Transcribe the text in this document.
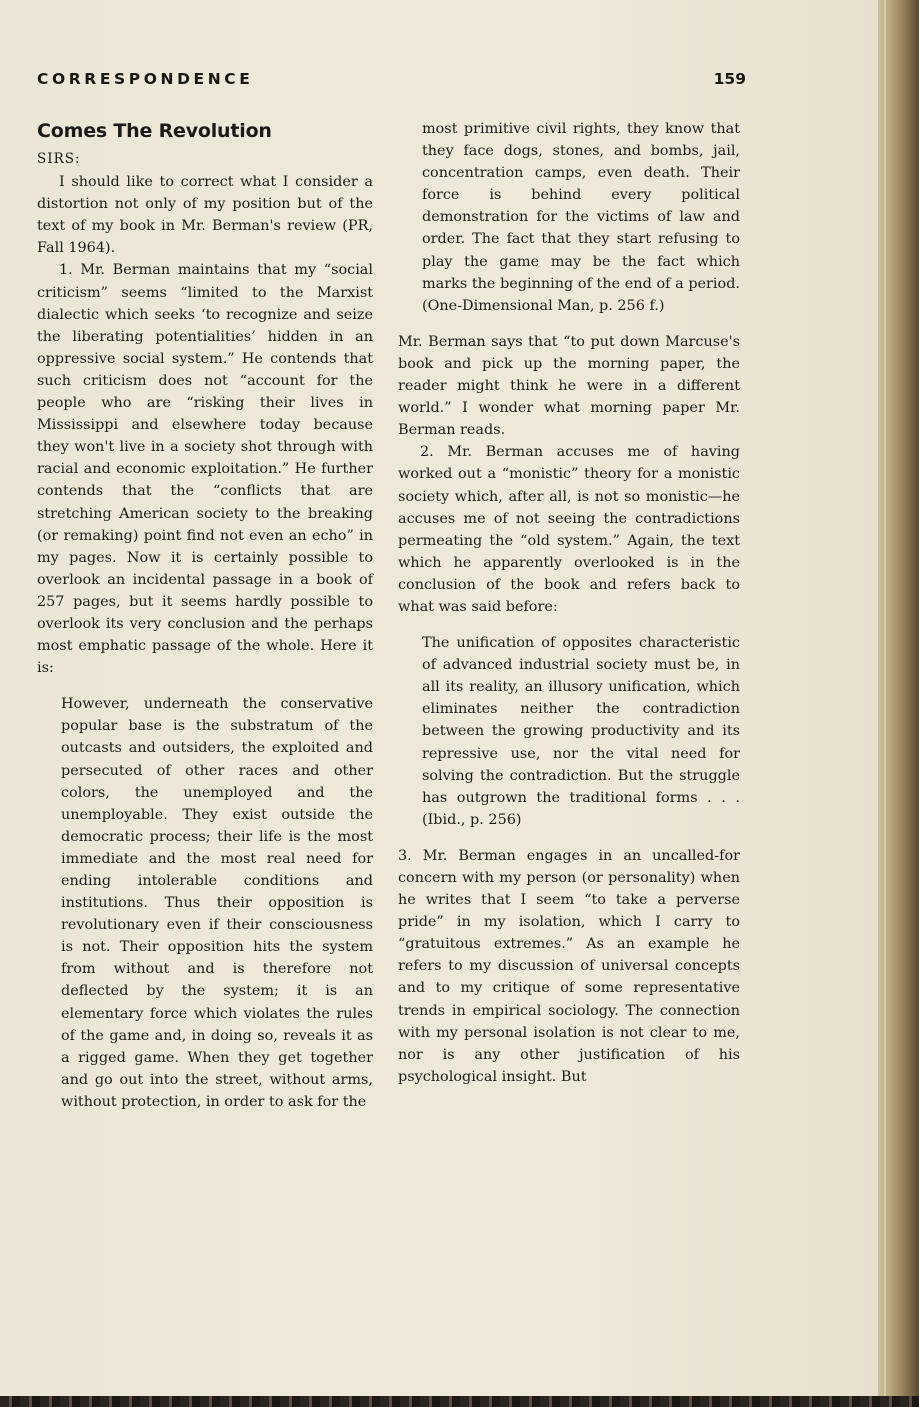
CORRESPONDENCE	159
Comes The Revolution

SIRS:

I should like to correct what I consider a distortion not only of my position but of the text of my book in Mr. Berman's review (PR, Fall 1964).

1. Mr. Berman maintains that my “social criticism” seems “limited to the Marxist dialectic which seeks ‘to recognize and seize the liberating potentialities’ hidden in an oppressive social system.” He contends that such criticism does not “account for the people who are “risking their lives in Mississippi and elsewhere today because they won't live in a society shot through with racial and economic exploitation.” He further contends that the “conflicts that are stretching American society to the breaking (or remaking) point find not even an echo” in my pages. Now it is certainly possible to overlook an incidental passage in a book of 257 pages, but it seems hardly possible to overlook its very conclusion and the perhaps most emphatic passage of the whole. Here it is:

However, underneath the conservative popular base is the substratum of the outcasts and outsiders, the exploited and persecuted of other races and other colors, the unemployed and the unemployable. They exist outside the democratic process; their life is the most immediate and the most real need for ending intolerable conditions and institutions. Thus their opposition is revolutionary even if their consciousness is not. Their opposition hits the system from without and is therefore not deflected by the system; it is an elementary force which violates the rules of the game and, in doing so, reveals it as a rigged game. When they get together and go out into the street, without arms, without protection, in order to ask for the

most primitive civil rights, they know that they face dogs, stones, and bombs, jail, concentration camps, even death. Their force is behind every political demonstration for the victims of law and order. The fact that they start refusing to play the game may be the fact which marks the beginning of the end of a period. (One-Dimensional Man, p. 256 f.)

Mr. Berman says that “to put down Marcuse's book and pick up the morning paper, the reader might think he were in a different world.” I wonder what morning paper Mr. Berman reads.

2. Mr. Berman accuses me of having worked out a “monistic” theory for a monistic society which, after all, is not so monistic—he accuses me of not seeing the contradictions permeating the “old system.” Again, the text which he apparently overlooked is in the conclusion of the book and refers back to what was said before:

The unification of opposites characteristic of advanced industrial society must be, in all its reality, an illusory unification, which eliminates neither the contradiction between the growing productivity and its repressive use, nor the vital need for solving the contradiction. But the struggle has outgrown the traditional forms . . . (Ibid., p. 256)

3. Mr. Berman engages in an uncalled-for concern with my person (or personality) when he writes that I seem “to take a perverse pride” in my isolation, which I carry to “gratuitous extremes.” As an example he refers to my discussion of universal concepts and to my critique of some representative trends in empirical sociology. The connection with my personal isolation is not clear to me, nor is any other justification of his psychological insight. But
